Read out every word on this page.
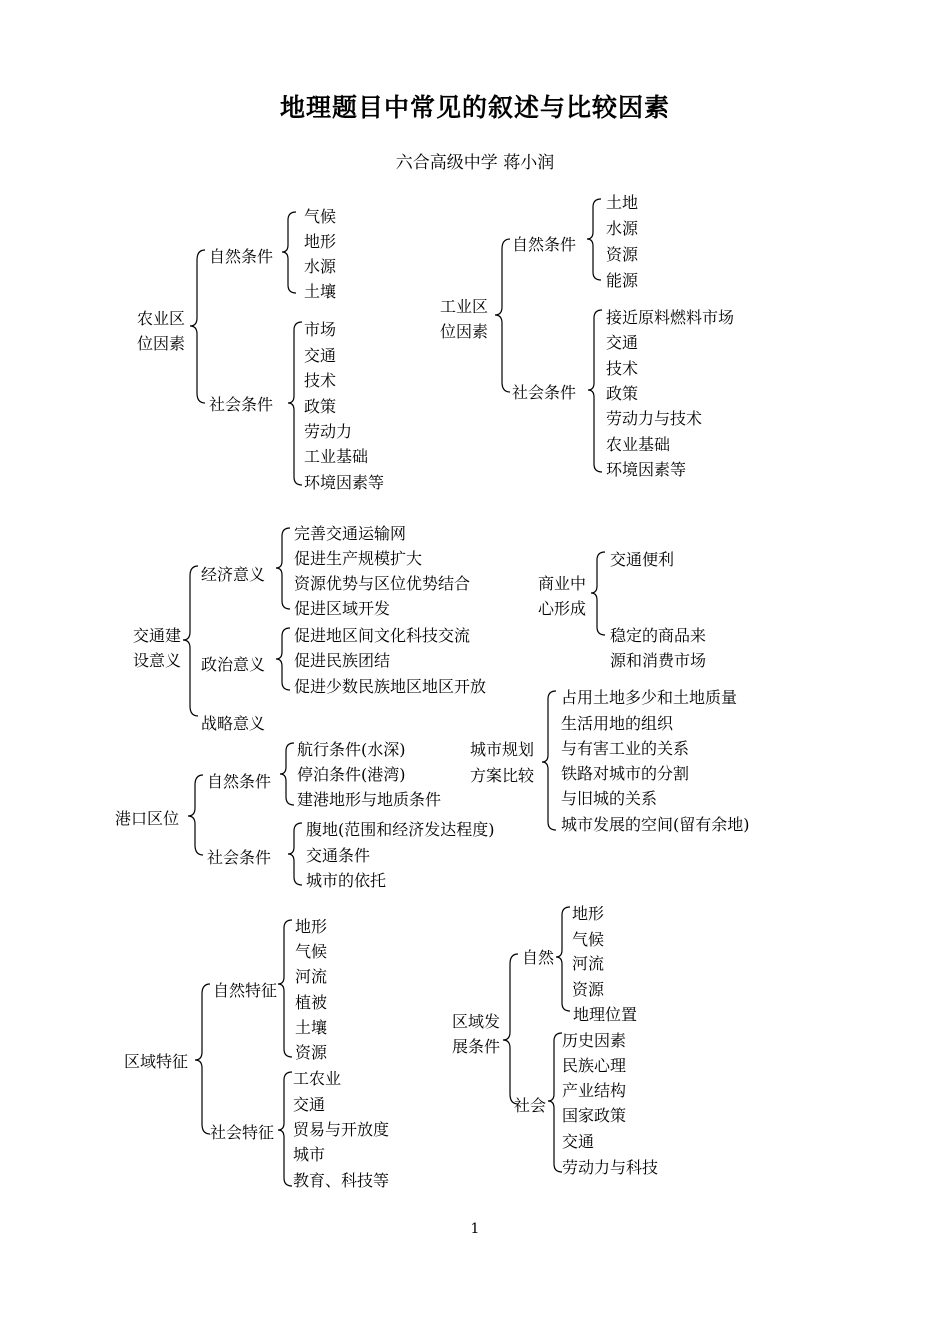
地理题目中常见的叙述与比较因素
六合高级中学 蒋小润
农业区
位因素
自然条件
社会条件
气候
地形
水源
土壤
市场
交通
技术
政策
劳动力
工业基础
环境因素等
工业区
位因素
自然条件
社会条件
土地
水源
资源
能源
接近原料燃料市场
交通
技术
政策
劳动力与技术
农业基础
环境因素等
交通建
设意义
经济意义
政治意义
战略意义
完善交通运输网
促进生产规模扩大
资源优势与区位优势结合
促进区域开发
促进地区间文化科技交流
促进民族团结
促进少数民族地区地区开放
商业中
心形成
交通便利
稳定的商品来
源和消费市场
港口区位
自然条件
社会条件
航行条件(水深)
停泊条件(港湾)
建港地形与地质条件
腹地(范围和经济发达程度)
交通条件
城市的依托
城市规划
方案比较
占用土地多少和土地质量
生活用地的组织
与有害工业的关系
铁路对城市的分割
与旧城的关系
城市发展的空间(留有余地)
区域特征
自然特征
社会特征
地形
气候
河流
植被
土壤
资源
工农业
交通
贸易与开放度
城市
教育、科技等
区域发
展条件
自然
社会
地形
气候
河流
资源
地理位置
历史因素
民族心理
产业结构
国家政策
交通
劳动力与科技
1
